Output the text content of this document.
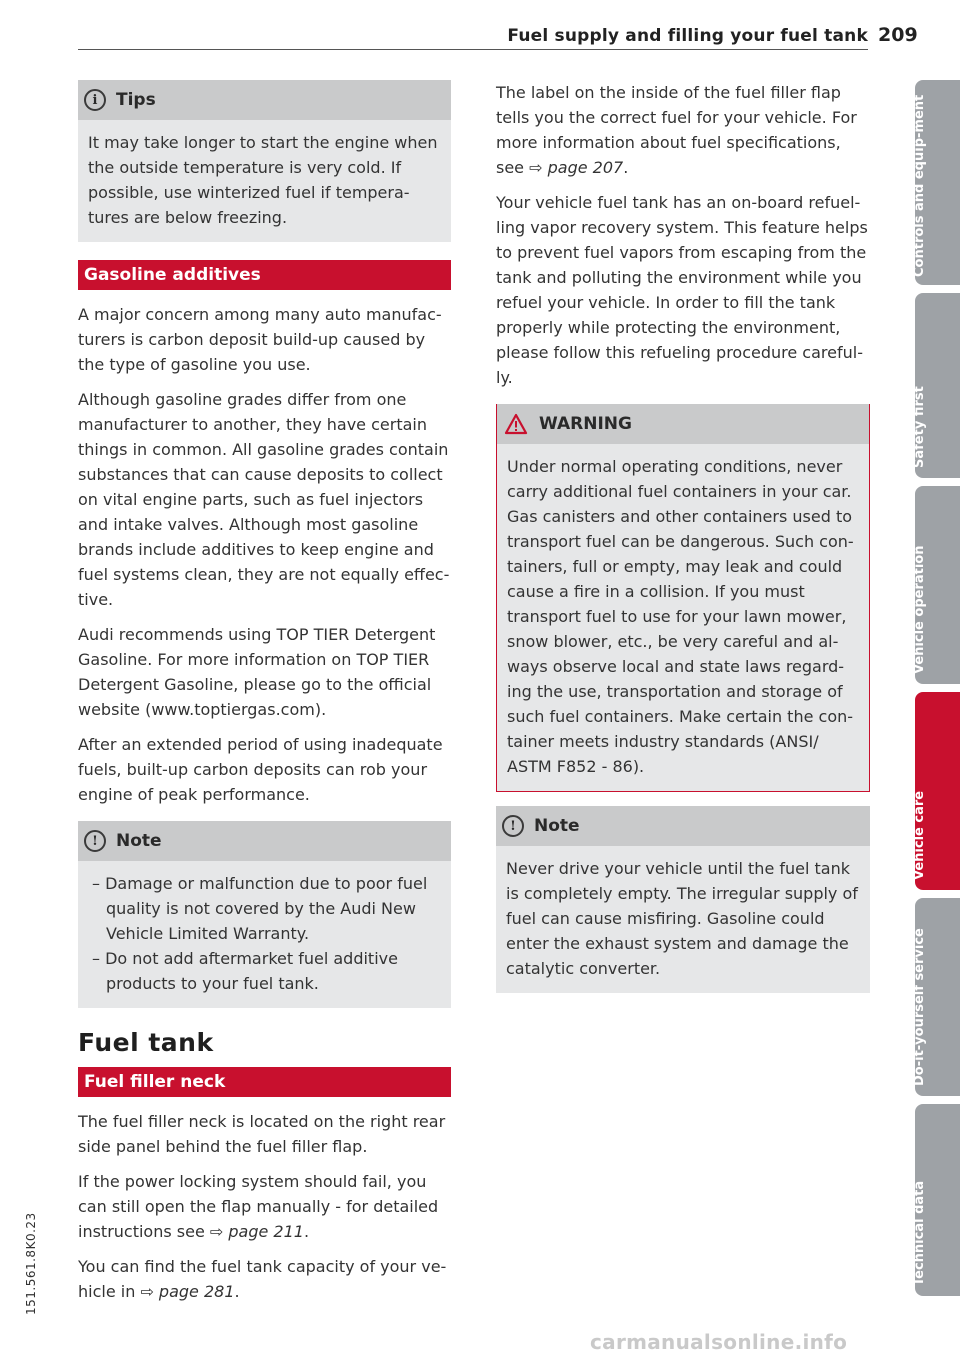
Fuel supply and filling your fuel tank 209
i	Tips
It may take longer to start the engine when the outside temperature is very cold. If possible, use winterized fuel if tempera-tures are below freezing.
Gasoline additives

A major concern among many auto manufac-turers is carbon deposit build-up caused by the type of gasoline you use.

Although gasoline grades differ from one manufacturer to another, they have certain things in common. All gasoline grades contain substances that can cause deposits to collect on vital engine parts, such as fuel injectors and intake valves. Although most gasoline brands include additives to keep engine and fuel systems clean, they are not equally effec-tive.

Audi recommends using TOP TIER Detergent Gasoline. For more information on TOP TIER Detergent Gasoline, please go to the official website (www.toptiergas.com).

After an extended period of using inadequate fuels, built-up carbon deposits can rob your engine of peak performance.

!	Note
– Damage or malfunction due to poor fuel quality is not covered by the Audi New Vehicle Limited Warranty.
– Do not add aftermarket fuel additive products to your fuel tank.
Fuel tank
Fuel filler neck

The fuel filler neck is located on the right rear side panel behind the fuel filler flap.

If the power locking system should fail, you can still open the flap manually - for detailed instructions see ⇨ page 211.

You can find the fuel tank capacity of your ve-hicle in ⇨ page 281.

The label on the inside of the fuel filler flap tells you the correct fuel for your vehicle. For more information about fuel specifications, see ⇨ page 207.

Your vehicle fuel tank has an on-board refuel-ling vapor recovery system. This feature helps to prevent fuel vapors from escaping from the tank and polluting the environment while you refuel your vehicle. In order to fill the tank properly while protecting the environment, please follow this refueling procedure careful-ly.

WARNING
Under normal operating conditions, never carry additional fuel containers in your car. Gas canisters and other containers used to transport fuel can be dangerous. Such con-tainers, full or empty, may leak and could cause a fire in a collision. If you must transport fuel to use for your lawn mower, snow blower, etc., be very careful and al-ways observe local and state laws regard-ing the use, transportation and storage of such fuel containers. Make certain the con-tainer meets industry standards (ANSI/ ASTM F852 - 86).
!	Note
Never drive your vehicle until the fuel tank is completely empty. The irregular supply of fuel can cause misfiring. Gasoline could enter the exhaust system and damage the catalytic converter.
151.561.8K0.23
Controls and equip-ment
Safety first
Vehicle operation
Vehicle care
Do-it-yourself service
Technical data
carmanualsonline.info
